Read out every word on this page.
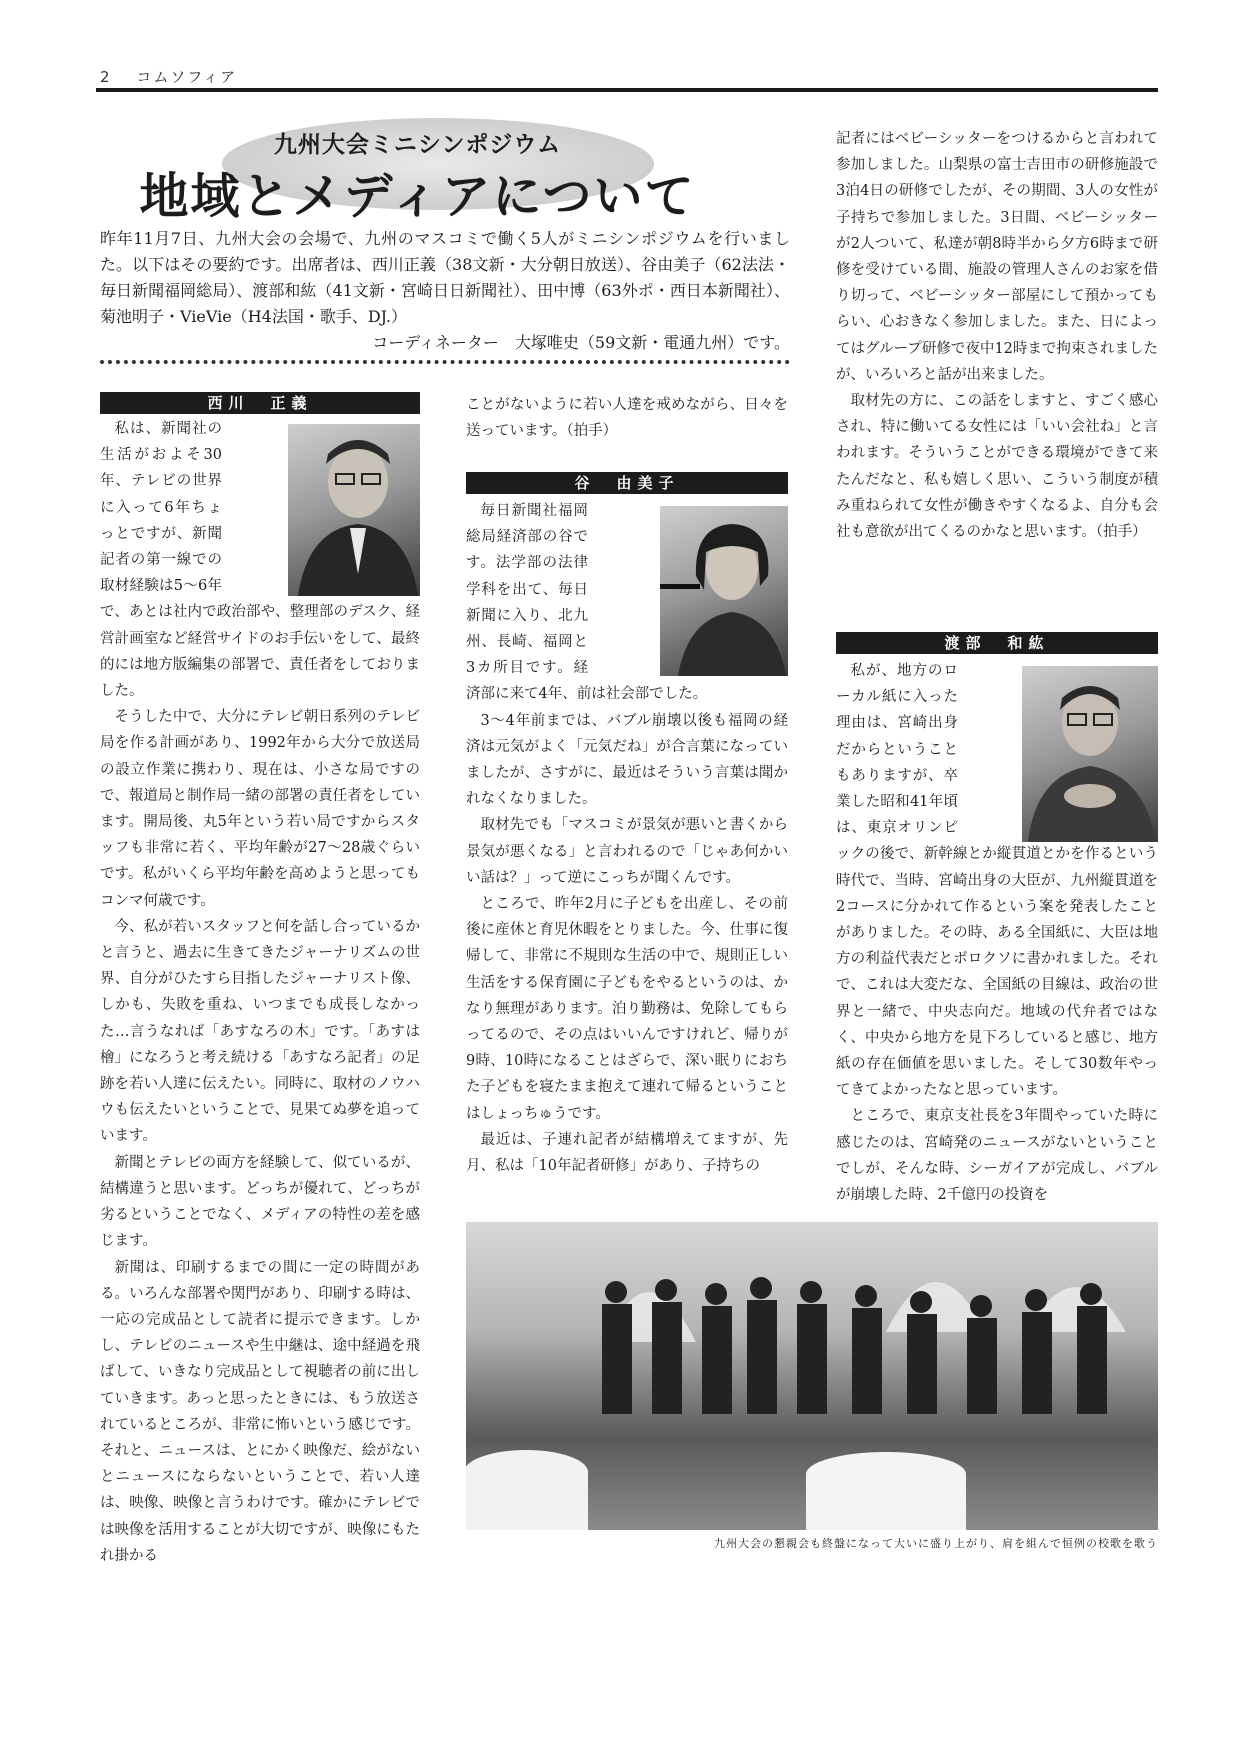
2 コムソフィア
九州大会ミニシンポジウム
地域とメディアについて

昨年11月7日、九州大会の会場で、九州のマスコミで働く5人がミニシンポジウムを行いました。以下はその要約です。出席者は、西川正義（38文新・大分朝日放送）、谷由美子（62法法・毎日新聞福岡総局）、渡部和紘（41文新・宮崎日日新聞社）、田中博（63外ポ・西日本新聞社）、菊池明子・VieVie（H4法国・歌手、DJ.）

コーディネーター　大塚唯史（59文新・電通九州）です。

西川　正義

私は、新聞社の生活がおよそ30年、テレビの世界に入って6年ちょっとですが、新聞記者の第一線での取材経験は5〜6年で、あとは社内で政治部や、整理部のデスク、経営計画室など経営サイドのお手伝いをして、最終的には地方版編集の部署で、責任者をしておりました。

そうした中で、大分にテレビ朝日系列のテレビ局を作る計画があり、1992年から大分で放送局の設立作業に携わり、現在は、小さな局ですので、報道局と制作局一緒の部署の責任者をしています。開局後、丸5年という若い局ですからスタッフも非常に若く、平均年齢が27〜28歳ぐらいです。私がいくら平均年齢を高めようと思ってもコンマ何歳です。

今、私が若いスタッフと何を話し合っているかと言うと、過去に生きてきたジャーナリズムの世界、自分がひたすら目指したジャーナリスト像、しかも、失敗を重ね、いつまでも成長しなかった…言うなれば「あすなろの木」です。「あすは檜」になろうと考え続ける「あすなろ記者」の足跡を若い人達に伝えたい。同時に、取材のノウハウも伝えたいということで、見果てぬ夢を追っています。

新聞とテレビの両方を経験して、似ているが、結構違うと思います。どっちが優れて、どっちが劣るということでなく、メディアの特性の差を感じます。

新聞は、印刷するまでの間に一定の時間がある。いろんな部署や関門があり、印刷する時は、一応の完成品として読者に提示できます。しかし、テレビのニュースや生中継は、途中経過を飛ばして、いきなり完成品として視聴者の前に出していきます。あっと思ったときには、もう放送されているところが、非常に怖いという感じです。それと、ニュースは、とにかく映像だ、絵がないとニュースにならないということで、若い人達は、映像、映像と言うわけです。確かにテレビでは映像を活用することが大切ですが、映像にもたれ掛かる

ことがないように若い人達を戒めながら、日々を送っています。（拍手）

谷　由美子

毎日新聞社福岡総局経済部の谷です。法学部の法律学科を出て、毎日新聞に入り、北九州、長崎、福岡と3カ所目です。経済部に来て4年、前は社会部でした。

3〜4年前までは、バブル崩壊以後も福岡の経済は元気がよく「元気だね」が合言葉になっていましたが、さすがに、最近はそういう言葉は聞かれなくなりました。

取材先でも「マスコミが景気が悪いと書くから景気が悪くなる」と言われるので「じゃあ何かいい話は？」って逆にこっちが聞くんです。

ところで、昨年2月に子どもを出産し、その前後に産休と育児休暇をとりました。今、仕事に復帰して、非常に不規則な生活の中で、規則正しい生活をする保育園に子どもをやるというのは、かなり無理があります。泊り勤務は、免除してもらってるので、その点はいいんですけれど、帰りが9時、10時になることはざらで、深い眠りにおちた子どもを寝たまま抱えて連れて帰るということはしょっちゅうです。

最近は、子連れ記者が結構増えてますが、先月、私は「10年記者研修」があり、子持ちの

記者にはベビーシッターをつけるからと言われて参加しました。山梨県の富士吉田市の研修施設で3泊4日の研修でしたが、その期間、3人の女性が子持ちで参加しました。3日間、ベビーシッターが2人ついて、私達が朝8時半から夕方6時まで研修を受けている間、施設の管理人さんのお家を借り切って、ベビーシッター部屋にして預かってもらい、心おきなく参加しました。また、日によってはグループ研修で夜中12時まで拘束されましたが、いろいろと話が出来ました。

取材先の方に、この話をしますと、すごく感心され、特に働いてる女性には「いい会社ね」と言われます。そういうことができる環境ができて来たんだなと、私も嬉しく思い、こういう制度が積み重ねられて女性が働きやすくなるよ、自分も会社も意欲が出てくるのかなと思います。（拍手）

渡部　和紘

私が、地方のローカル紙に入った理由は、宮崎出身だからということもありますが、卒業した昭和41年頃は、東京オリンピックの後で、新幹線とか縦貫道とかを作るという時代で、当時、宮崎出身の大臣が、九州縦貫道を2コースに分かれて作るという案を発表したことがありました。その時、ある全国紙に、大臣は地方の利益代表だとボロクソに書かれました。それで、これは大変だな、全国紙の目線は、政治の世界と一緒で、中央志向だ。地域の代弁者ではなく、中央から地方を見下ろしていると感じ、地方紙の存在価値を思いました。そして30数年やってきてよかったなと思っています。

ところで、東京支社長を3年間やっていた時に感じたのは、宮崎発のニュースがないということでしが、そんな時、シーガイアが完成し、バブルが崩壊した時、2千億円の投資を

九州大会の懇親会も終盤になって大いに盛り上がり、肩を組んで恒例の校歌を歌う
